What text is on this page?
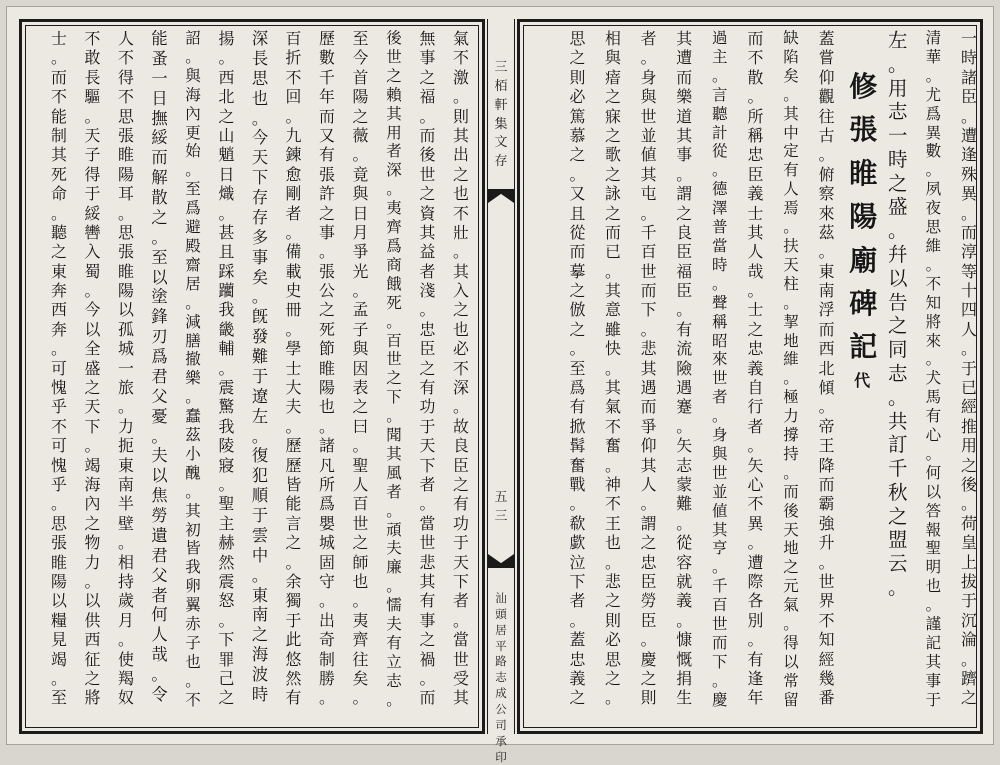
三
栢
軒
集
文
存
五
三
汕
頭
居
平
路
志
成
公
司
承
印
一
時
諸
臣
。
遭
逢
殊
異
。
而
淳
等
十
四
人
。
于
已
經
推
用
之
後
。
荷
皇
上
拔
于
沉
淪
。
躋
之
清
華
。
尤
爲
異
數
。
夙
夜
思
維
。
不
知
將
來
。
犬
馬
有
心
。
何
以
答
報
聖
明
也
。
謹
記
其
事
于
左
。
用
志
一
時
之
盛
。
幷
以
告
之
同
志
。
共
訂
千
秋
之
盟
云
。
修
張
睢
陽
廟
碑
記
代
蓋
嘗
仰
觀
往
古
。
俯
察
來
茲
。
東
南
浮
而
西
北
傾
。
帝
王
降
而
霸
強
升
。
世
界
不
知
經
幾
番
缺
陷
矣
。
其
中
定
有
人
焉
。
扶
天
柱
。
挈
地
維
。
極
力
撐
持
。
而
後
天
地
之
元
氣
。
得
以
常
留
而
不
散
。
所
稱
忠
臣
義
士
其
人
哉
。
士
之
忠
義
自
行
者
。
矢
心
不
異
。
遭
際
各
別
。
有
逢
年
過
主
。
言
聽
計
從
。
德
澤
普
當
時
。
聲
稱
昭
來
世
者
。
身
與
世
並
値
其
亨
。
千
百
世
而
下
。
慶
其
遭
而
樂
道
其
事
。
謂
之
良
臣
福
臣
。
有
流
險
遇
蹇
。
矢
志
蒙
難
。
從
容
就
義
。
慷
慨
捐
生
者
。
身
與
世
並
値
其
屯
。
千
百
世
而
下
。
悲
其
遇
而
爭
仰
其
人
。
謂
之
忠
臣
勞
臣
。
慶
之
則
相
與
瘖
之
寐
之
歌
之
詠
之
而
已
。
其
意
雖
快
。
其
氣
不
奮
。
神
不
王
也
。
悲
之
則
必
思
之
。
思
之
則
必
篤
慕
之
。
又
且
從
而
摹
之
倣
之
。
至
爲
有
掀
髯
奮
戰
。
欷
歔
泣
下
者
。
蓋
忠
義
之
氣
不
激
。
則
其
出
之
也
不
壯
。
其
入
之
也
必
不
深
。
故
良
臣
之
有
功
于
天
下
者
。
當
世
受
其
無
事
之
福
。
而
後
世
之
資
其
益
者
淺
。
忠
臣
之
有
功
于
天
下
者
。
當
世
悲
其
有
事
之
禍
。
而
後
世
之
賴
其
用
者
深
。
夷
齊
爲
商
餓
死
。
百
世
之
下
。
聞
其
風
者
。
頑
夫
廉
。
懦
夫
有
立
志
。
至
今
首
陽
之
薇
。
竟
與
日
月
爭
光
。
孟
子
與
因
表
之
曰
。
聖
人
百
世
之
師
也
。
夷
齊
往
矣
。
歷
數
千
年
而
又
有
張
許
之
事
。
張
公
之
死
節
睢
陽
也
。
諸
凡
所
爲
嬰
城
固
守
。
出
奇
制
勝
。
百
折
不
回
。
九
鍊
愈
剛
者
。
備
載
史
冊
。
學
士
大
夫
。
歷
歷
皆
能
言
之
。
余
獨
于
此
悠
然
有
深
長
思
也
。
今
天
下
存
存
多
事
矣
。
旣
發
難
于
遼
左
。
復
犯
順
于
雲
中
。
東
南
之
海
波
時
揚
。
西
北
之
山
魈
日
熾
。
甚
且
踩
躪
我
畿
輔
。
震
驚
我
陵
寢
。
聖
主
赫
然
震
怒
。
下
罪
己
之
詔
。
與
海
內
更
始
。
至
爲
避
殿
齋
居
。
減
膳
撤
樂
。
蠢
茲
小
醜
。
其
初
皆
我
卵
翼
赤
子
也
。
不
能
蚤
一
日
撫
綏
而
解
散
之
。
至
以
塗
鋒
刃
爲
君
父
憂
。
夫
以
焦
勞
遺
君
父
者
何
人
哉
。
令
人
不
得
不
思
張
睢
陽
耳
。
思
張
睢
陽
以
孤
城
一
旅
。
力
扼
東
南
半
壁
。
相
持
歲
月
。
使
羯
奴
不
敢
長
驅
。
天
子
得
于
綏
轡
入
蜀
。
今
以
全
盛
之
天
下
。
竭
海
內
之
物
力
。
以
供
西
征
之
將
士
。
而
不
能
制
其
死
命
。
聽
之
東
奔
西
奔
。
可
愧
乎
不
可
愧
乎
。
思
張
睢
陽
以
糧
見
竭
。
至
